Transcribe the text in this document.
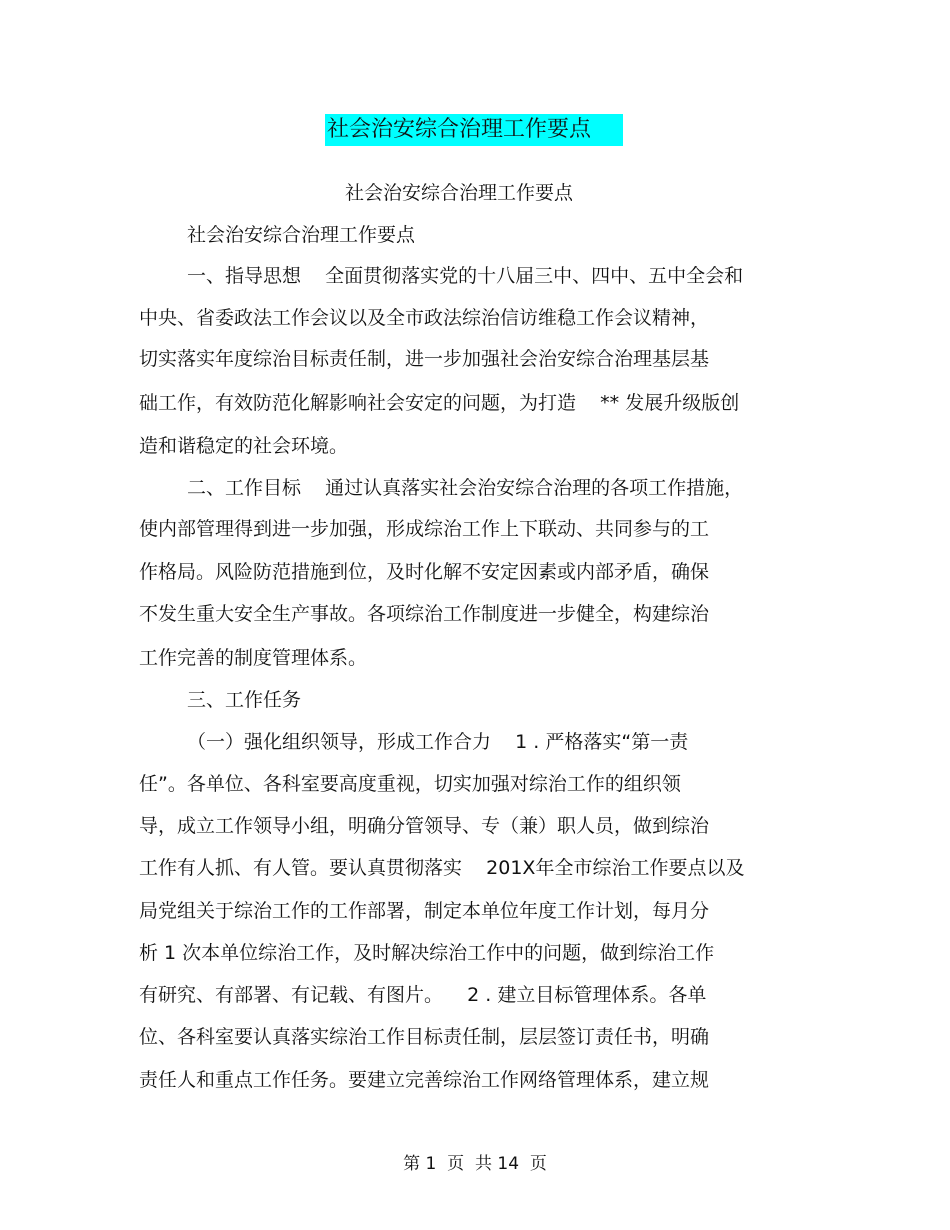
社会治安综合治理工作要点
社会治安综合治理工作要点
社会治安综合治理工作要点
一、指导思想    全面贯彻落实党的十八届三中、四中、五中全会和
中央、省委政法工作会议以及全市政法综治信访维稳工作会议精神，
切实落实年度综治目标责任制，进一步加强社会治安综合治理基层基
础工作，有效防范化解影响社会安定的问题，为打造    ** 发展升级版创
造和谐稳定的社会环境。
二、工作目标    通过认真落实社会治安综合治理的各项工作措施，
使内部管理得到进一步加强，形成综治工作上下联动、共同参与的工
作格局。风险防范措施到位，及时化解不安定因素或内部矛盾，确保
不发生重大安全生产事故。各项综治工作制度进一步健全，构建综治
工作完善的制度管理体系。
三、工作任务
（一）强化组织领导，形成工作合力    1 . 严格落实“第一责
任”。各单位、各科室要高度重视，切实加强对综治工作的组织领
导，成立工作领导小组，明确分管领导、专（兼）职人员，做到综治
工作有人抓、有人管。要认真贯彻落实    201X年全市综治工作要点以及
局党组关于综治工作的工作部署，制定本单位年度工作计划，每月分
析 1 次本单位综治工作，及时解决综治工作中的问题，做到综治工作
有研究、有部署、有记载、有图片。    2 . 建立目标管理体系。各单
位、各科室要认真落实综治工作目标责任制，层层签订责任书，明确
责任人和重点工作任务。要建立完善综治工作网络管理体系，建立规
第 1  页  共 14  页
